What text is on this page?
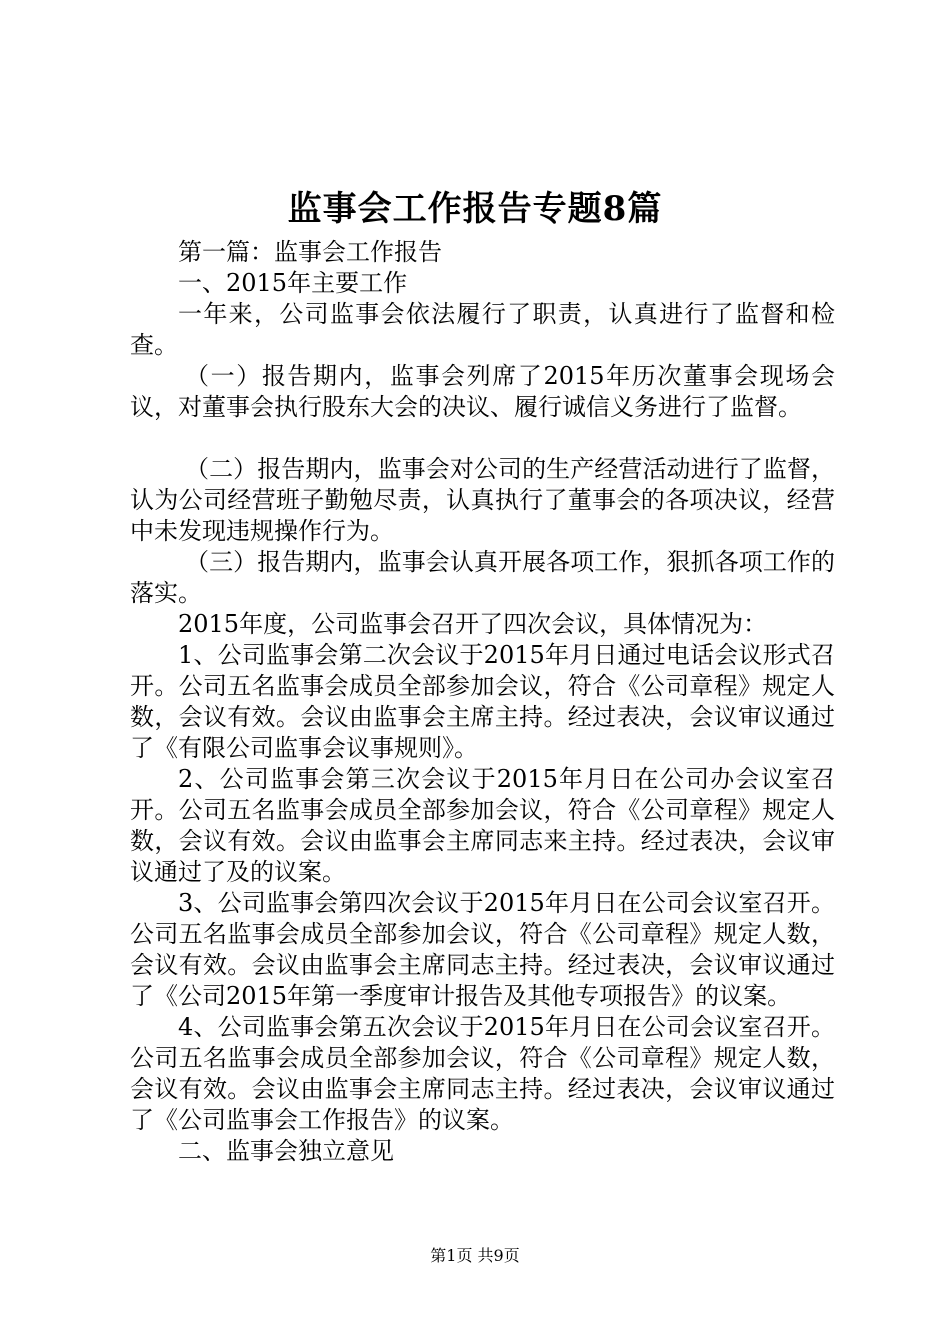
监事会工作报告专题8篇

第一篇：监事会工作报告

一、2015年主要工作

一年来，公司监事会依法履行了职责，认真进行了监督和检查。

（一）报告期内，监事会列席了2015年历次董事会现场会议，对董事会执行股东大会的决议、履行诚信义务进行了监督。

（二）报告期内，监事会对公司的生产经营活动进行了监督，认为公司经营班子勤勉尽责，认真执行了董事会的各项决议，经营中未发现违规操作行为。

（三）报告期内，监事会认真开展各项工作，狠抓各项工作的落实。

2015年度，公司监事会召开了四次会议，具体情况为：

1、公司监事会第二次会议于2015年月日通过电话会议形式召开。公司五名监事会成员全部参加会议，符合《公司章程》规定人数，会议有效。会议由监事会主席主持。经过表决，会议审议通过了《有限公司监事会议事规则》。

2、公司监事会第三次会议于2015年月日在公司办会议室召开。公司五名监事会成员全部参加会议，符合《公司章程》规定人数，会议有效。会议由监事会主席同志来主持。经过表决，会议审议通过了及的议案。

3、公司监事会第四次会议于2015年月日在公司会议室召开。公司五名监事会成员全部参加会议，符合《公司章程》规定人数，会议有效。会议由监事会主席同志主持。经过表决，会议审议通过了《公司2015年第一季度审计报告及其他专项报告》的议案。

4、公司监事会第五次会议于2015年月日在公司会议室召开。公司五名监事会成员全部参加会议，符合《公司章程》规定人数，会议有效。会议由监事会主席同志主持。经过表决，会议审议通过了《公司监事会工作报告》的议案。

二、监事会独立意见

第1页 共9页
